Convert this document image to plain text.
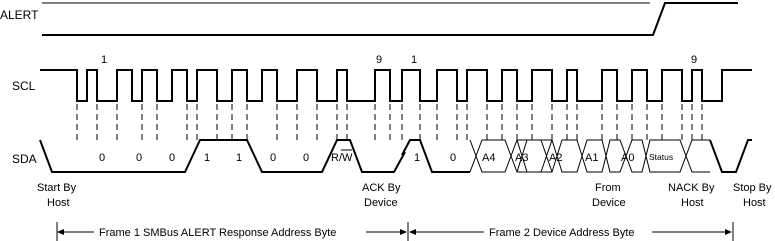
ALERT
SCL
SDA
1	9	1	9
0	0 0	1 1	0 0 R/W	1	0 A4 A3 A2 A1 A0 Status
Start By
Host
ACK By
Device
From
Device
NACK By
Host
Stop By
Host
Frame 1 SMBus ALERT Response Address Byte	Frame 2 Device Address Byte
